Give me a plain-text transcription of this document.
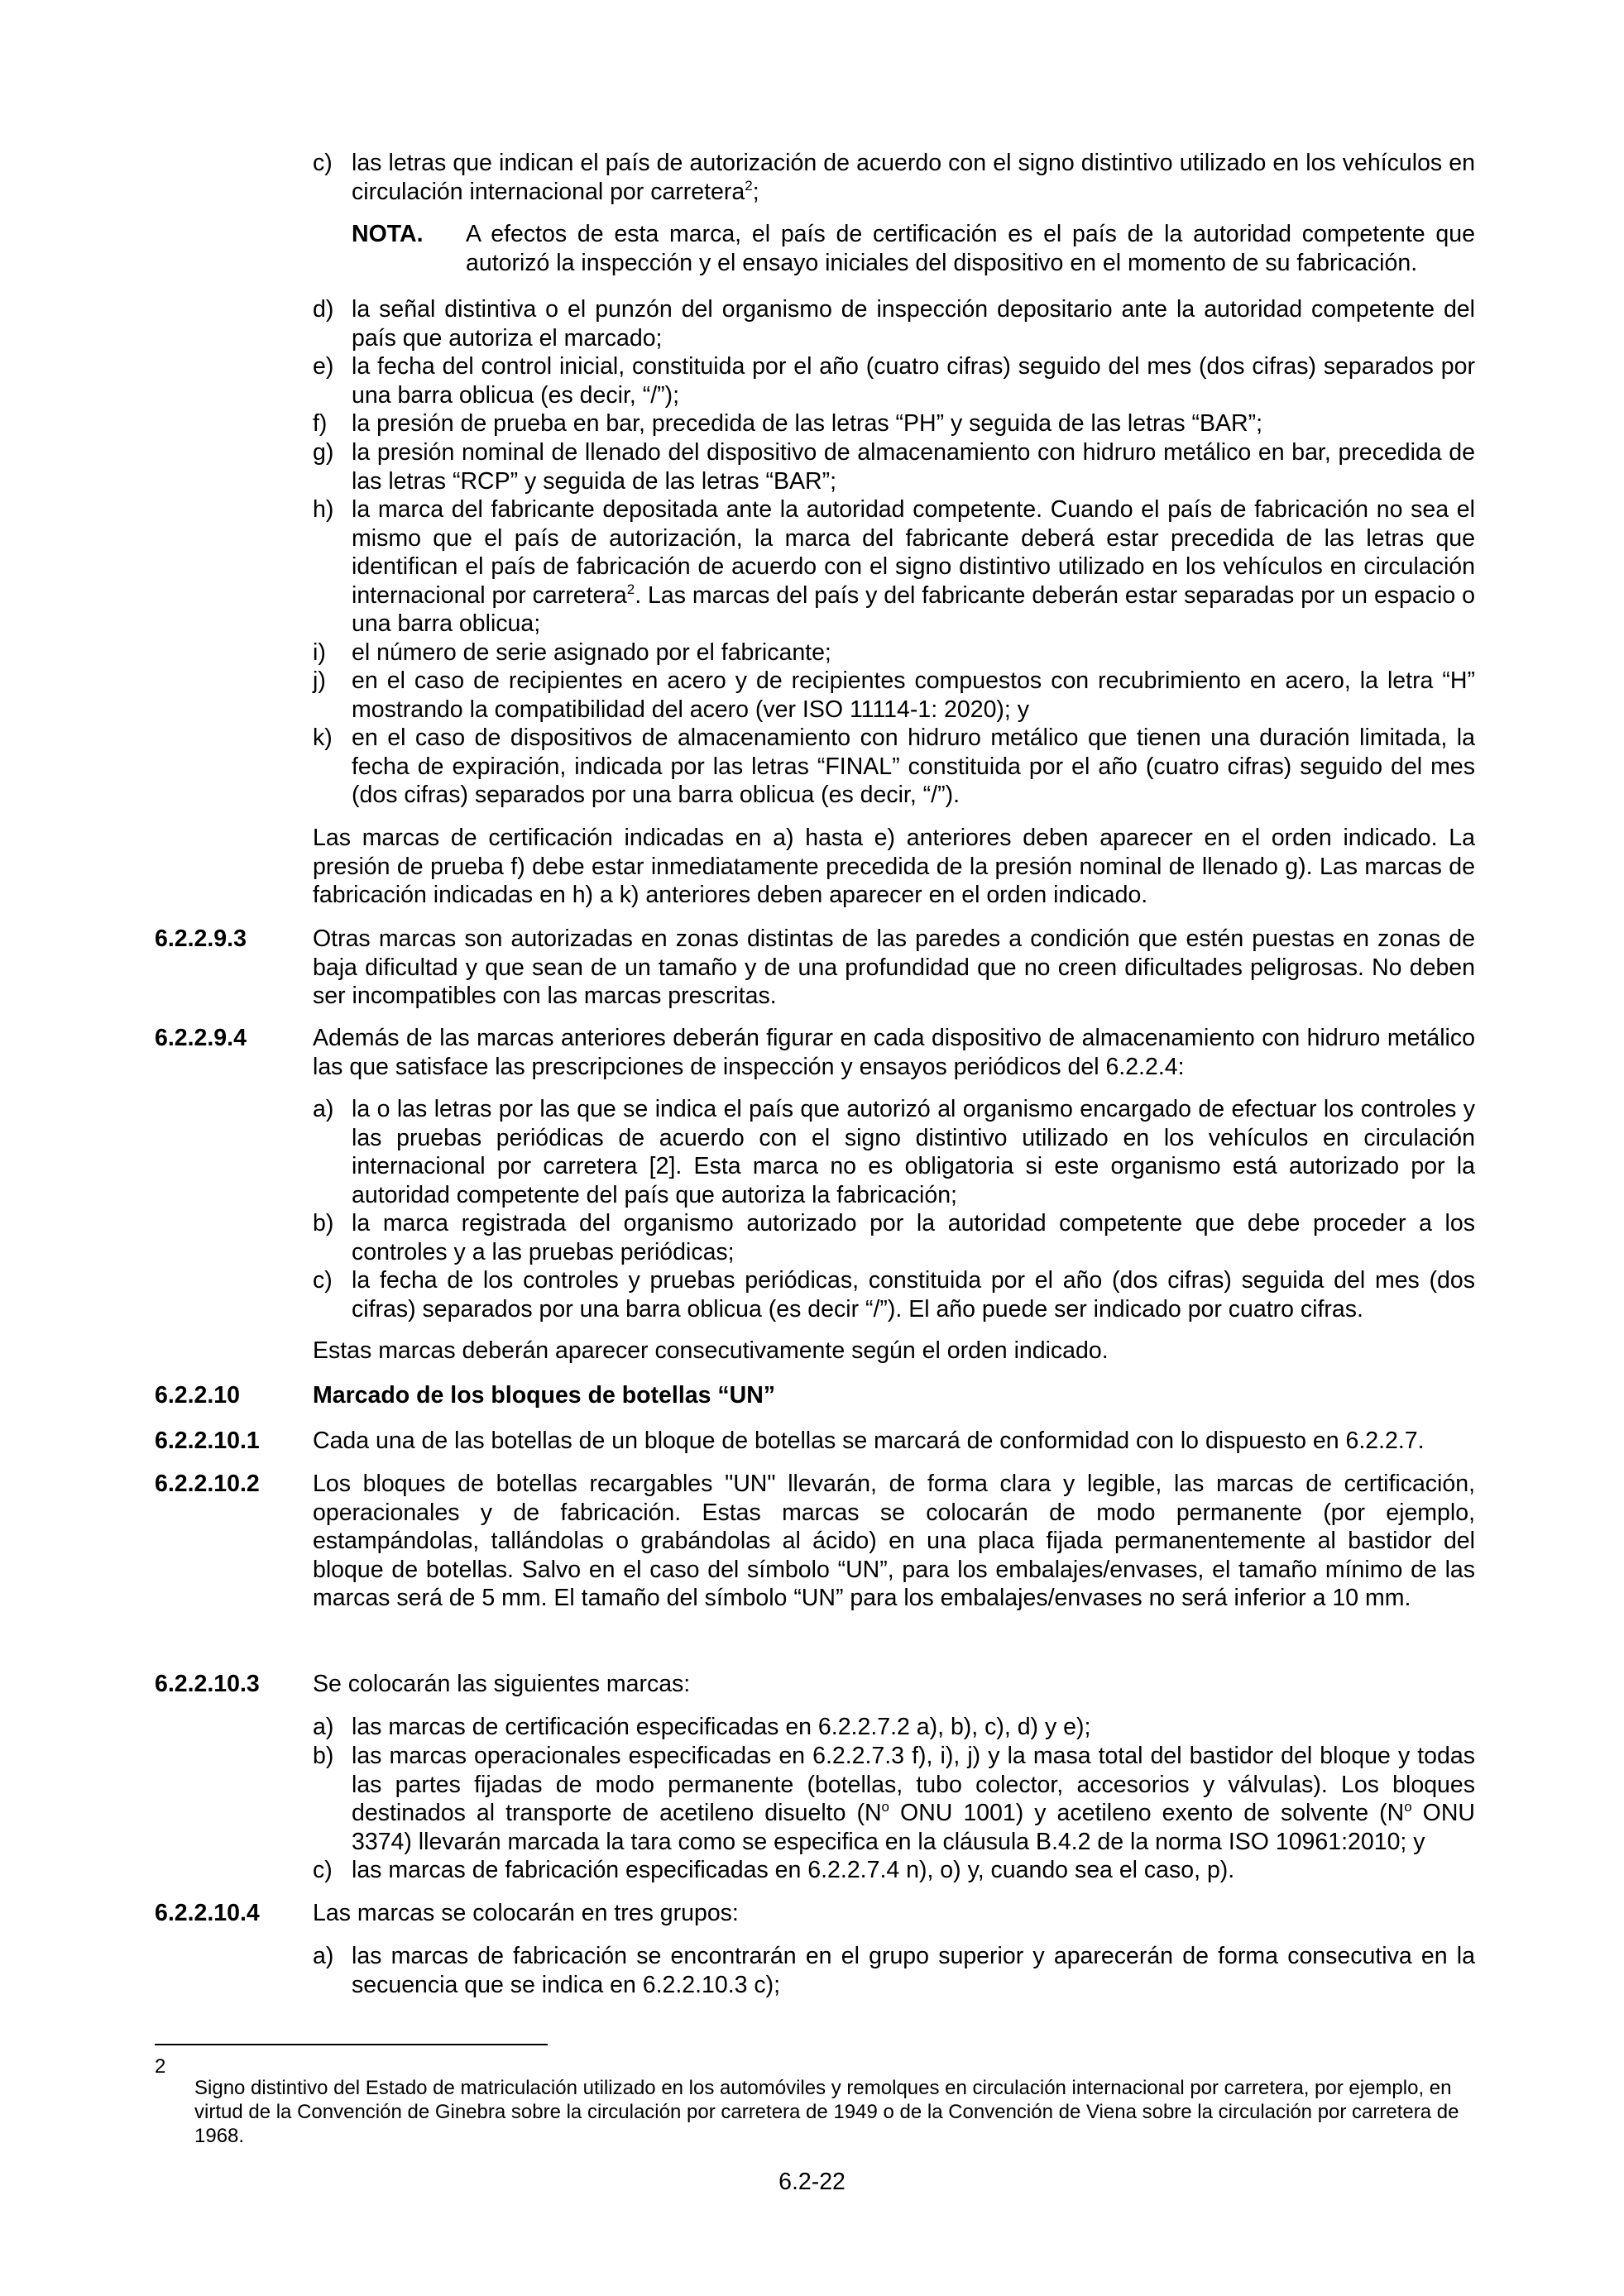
c) las letras que indican el país de autorización de acuerdo con el signo distintivo utilizado en los vehículos en circulación internacional por carretera$^2$;
NOTA. A efectos de esta marca, el país de certificación es el país de la autoridad competente que autorizó la inspección y el ensayo iniciales del dispositivo en el momento de su fabricación.
d) la señal distintiva o el punzón del organismo de inspección depositario ante la autoridad competente del país que autoriza el marcado;
e) la fecha del control inicial, constituida por el año (cuatro cifras) seguido del mes (dos cifras) separados por una barra oblicua (es decir, “/”);
f) la presión de prueba en bar, precedida de las letras “PH” y seguida de las letras “BAR”;
g) la presión nominal de llenado del dispositivo de almacenamiento con hidruro metálico en bar, precedida de las letras “RCP” y seguida de las letras “BAR”;
h) la marca del fabricante depositada ante la autoridad competente. Cuando el país de fabricación no sea el mismo que el país de autorización, la marca del fabricante deberá estar precedida de las letras que identifican el país de fabricación de acuerdo con el signo distintivo utilizado en los vehículos en circulación internacional por carretera$^2$. Las marcas del país y del fabricante deberán estar separadas por un espacio o una barra oblicua;
i) el número de serie asignado por el fabricante;
j) en el caso de recipientes en acero y de recipientes compuestos con recubrimiento en acero, la letra “H” mostrando la compatibilidad del acero (ver ISO 11114-1: 2020); y
k) en el caso de dispositivos de almacenamiento con hidruro metálico que tienen una duración limitada, la fecha de expiración, indicada por las letras “FINAL” constituida por el año (cuatro cifras) seguido del mes (dos cifras) separados por una barra oblicua (es decir, “/”).
Las marcas de certificación indicadas en a) hasta e) anteriores deben aparecer en el orden indicado. La presión de prueba f) debe estar inmediatamente precedida de la presión nominal de llenado g). Las marcas de fabricación indicadas en h) a k) anteriores deben aparecer en el orden indicado.
6.2.2.9.3	Otras marcas son autorizadas en zonas distintas de las paredes a condición que estén puestas en zonas de baja dificultad y que sean de un tamaño y de una profundidad que no creen dificultades peligrosas. No deben ser incompatibles con las marcas prescritas.
6.2.2.9.4	Además de las marcas anteriores deberán figurar en cada dispositivo de almacenamiento con hidruro metálico las que satisface las prescripciones de inspección y ensayos periódicos del 6.2.2.4:
a) la o las letras por las que se indica el país que autorizó al organismo encargado de efectuar los controles y las pruebas periódicas de acuerdo con el signo distintivo utilizado en los vehículos en circulación internacional por carretera [2]. Esta marca no es obligatoria si este organismo está autorizado por la autoridad competente del país que autoriza la fabricación;
b) la marca registrada del organismo autorizado por la autoridad competente que debe proceder a los controles y a las pruebas periódicas;
c) la fecha de los controles y pruebas periódicas, constituida por el año (dos cifras) seguida del mes (dos cifras) separados por una barra oblicua (es decir “/”). El año puede ser indicado por cuatro cifras.
Estas marcas deberán aparecer consecutivamente según el orden indicado.
6.2.2.10	Marcado de los bloques de botellas “UN”
6.2.2.10.1 Cada una de las botellas de un bloque de botellas se marcará de conformidad con lo dispuesto en 6.2.2.7.
6.2.2.10.2 Los bloques de botellas recargables "UN" llevarán, de forma clara y legible, las marcas de certificación, operacionales y de fabricación. Estas marcas se colocarán de modo permanente (por ejemplo, estampándolas, tallándolas o grabándolas al ácido) en una placa fijada permanentemente al bastidor del bloque de botellas. Salvo en el caso del símbolo “UN”, para los embalajes/envases, el tamaño mínimo de las marcas será de 5 mm. El tamaño del símbolo “UN” para los embalajes/envases no será inferior a 10 mm.
6.2.2.10.3 Se colocarán las siguientes marcas:
a) las marcas de certificación especificadas en 6.2.2.7.2 a), b), c), d) y e);
b) las marcas operacionales especificadas en 6.2.2.7.3 f), i), j) y la masa total del bastidor del bloque y todas las partes fijadas de modo permanente (botellas, tubo colector, accesorios y válvulas). Los bloques destinados al transporte de acetileno disuelto ($N^o$ ONU 1001) y acetileno exento de solvente ($N^o$ ONU 3374) llevarán marcada la tara como se especifica en la cláusula B.4.2 de la norma ISO 10961:2010; y
c) las marcas de fabricación especificadas en 6.2.2.7.4 n), o) y, cuando sea el caso, p).
6.2.2.10.4 Las marcas se colocarán en tres grupos:
a) las marcas de fabricación se encontrarán en el grupo superior y aparecerán de forma consecutiva en la secuencia que se indica en 6.2.2.10.3 c);
2
Signo distintivo del Estado de matriculación utilizado en los automóviles y remolques en circulación internacional por carretera, por ejemplo, en virtud de la Convención de Ginebra sobre la circulación por carretera de 1949 o de la Convención de Viena sobre la circulación por carretera de 1968.
6.2-22
